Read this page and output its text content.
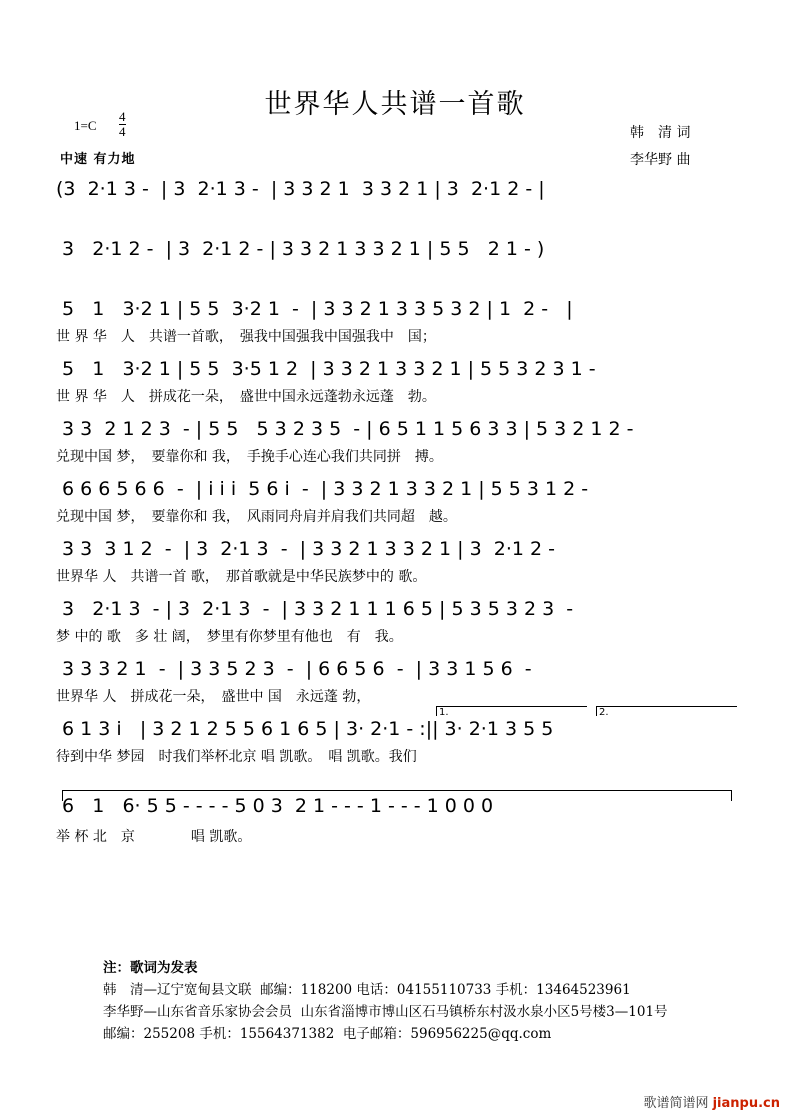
世界华人共谱一首歌
$1=C \frac{4}{4}$
中速 有力地
韩　清 词
李华野 曲
(3  2·1 3 -  | 3  2·1 3 -  | 3 3 2 1  3 3 2 1 | 3  2·1 2 - |
3   2·1 2 -  | 3  2·1 2 - | 3 3 2 1 3 3 2 1 | 5 5   2 1 - )
5   1   3·2 1 | 5 5  3·2 1  -  | 3 3 2 1 3 3 5 3 2 | 1  2 -   |
世 界 华　人　共谱一首歌，　强我中国强我中国强我中　国；
5   1   3·2 1 | 5 5  3·5 1 2  | 3 3 2 1 3 3 2 1 | 5 5 3 2 3 1 -
世 界 华　人　拼成花一朵，　盛世中国永远蓬勃永远蓬　勃。
3 3  2 1 2 3  - | 5 5   5 3 2 3 5  - | 6 5 1 1 5 6 3 3 | 5 3 2 1 2 -
兑现中国 梦，　要靠你和 我，　手挽手心连心我们共同拼　搏。
6 6 6 5 6 6  -  | i i i  5 6 i  -  | 3 3 2 1 3 3 2 1 | 5 5 3 1 2 -
兑现中国 梦，　要靠你和 我，　风雨同舟肩并肩我们共同超　越。
3 3  3 1 2  -  | 3  2·1 3  -  | 3 3 2 1 3 3 2 1 | 3  2·1 2 -
世界华 人　共谱一首 歌，　那首歌就是中华民族梦中的 歌。
3   2·1 3  - | 3  2·1 3  -  | 3 3 2 1 1 1 6 5 | 5 3 5 3 2 3  -
梦 中的 歌　多 壮 阔，　梦里有你梦里有他也　有　我。
3 3 3 2 1  -  | 3 3 5 2 3  -  | 6 6 5 6  -  | 3 3 1 5 6  -
世界华 人　拼成花一朵，　盛世中 国　永远蓬 勃，
1.	2.
6 1 3 i   | 3 2 1 2 5 5 6 1 6 5 | 3· 2·1 - :|| 3· 2·1 3 5 5
待到中华 梦园　时我们举杯北京 唱 凯歌。　唱 凯歌。我们
6   1   6· 5 5 - - - - 5 0 3  2 1 - - - 1 - - - 1 0 0 0
举 杯 北　京　　　　唱 凯歌。
注：歌词为发表
韩　清—辽宁宽甸县文联  邮编：118200 电话：04155110733 手机：13464523961
李华野—山东省音乐家协会会员  山东省淄博市博山区石马镇桥东村汲水泉小区5号楼3—101号
邮编：255208 手机：15564371382  电子邮箱：596956225@qq.com
歌谱简谱网 jianpu.cn
